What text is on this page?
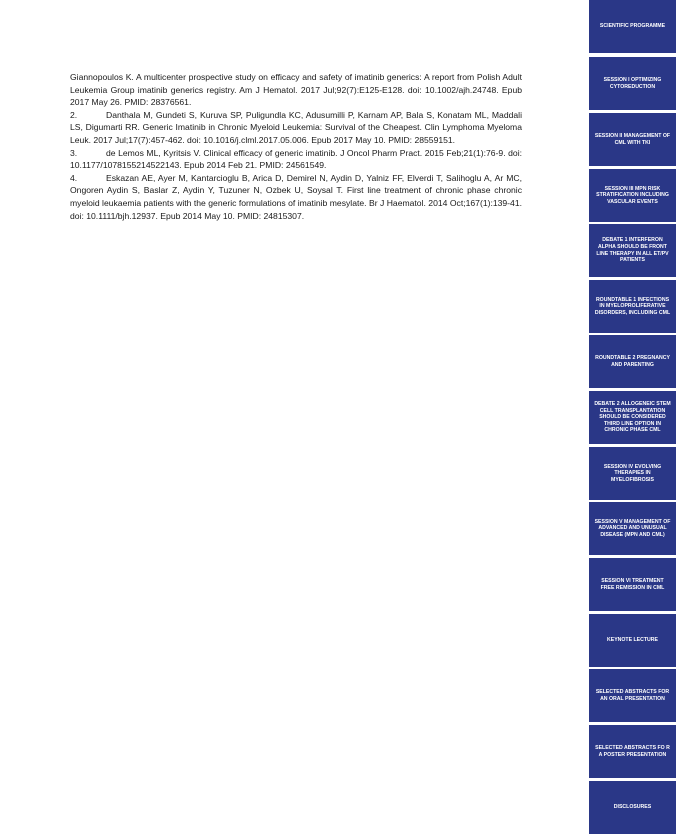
Giannopoulos K. A multicenter prospective study on efficacy and safety of imatinib generics: A report from Polish Adult Leukemia Group imatinib generics registry. Am J Hematol. 2017 Jul;92(7):E125-E128. doi: 10.1002/ajh.24748. Epub 2017 May 26. PMID: 28376561.

2.	Danthala M, Gundeti S, Kuruva SP, Puligundla KC, Adusumilli P, Karnam AP, Bala S, Konatam ML, Maddali LS, Digumarti RR. Generic Imatinib in Chronic Myeloid Leukemia: Survival of the Cheapest. Clin Lymphoma Myeloma Leuk. 2017 Jul;17(7):457-462. doi: 10.1016/j.clml.2017.05.006. Epub 2017 May 10. PMID: 28559151.

3.	de Lemos ML, Kyritsis V. Clinical efficacy of generic imatinib. J Oncol Pharm Pract. 2015 Feb;21(1):76-9. doi: 10.1177/1078155214522143. Epub 2014 Feb 21. PMID: 24561549.

4.	Eskazan AE, Ayer M, Kantarcioglu B, Arica D, Demirel N, Aydin D, Yalniz FF, Elverdi T, Salihoglu A, Ar MC, Ongoren Aydin S, Baslar Z, Aydin Y, Tuzuner N, Ozbek U, Soysal T. First line treatment of chronic phase chronic myeloid leukaemia patients with the generic formulations of imatinib mesylate. Br J Haematol. 2014 Oct;167(1):139-41. doi: 10.1111/bjh.12937. Epub 2014 May 10. PMID: 24815307.

SCIENTIFIC PROGRAMME
SESSION I OPTIMIZING CYTOREDUCTION
SESSION II MANAGEMENT OF CML WITH TKI
SESSION III MPN RISK STRATIFICATION INCLUDING VASCULAR EVENTS
DEBATE 1 INTERFERON ALPHA SHOULD BE FRONT LINE THERAPY IN ALL ET/PV PATIENTS
ROUNDTABLE 1 INFECTIONS IN MYELOPROLIFERATIVE DISORDERS, INCLUDING CML
ROUNDTABLE 2 PREGNANCY AND PARENTING
DEBATE 2 ALLOGENEIC STEM CELL TRANSPLANTATION SHOULD BE CONSIDERED THIRD LINE OPTION IN CHRONIC PHASE CML
SESSION IV EVOLVING THERAPIES IN MYELOFIBROSIS
SESSION V MANAGEMENT OF ADVANCED AND UNUSUAL DISEASE (MPN AND CML)
SESSION VI TREATMENT FREE REMISSION IN CML
KEYNOTE LECTURE
SELECTED ABSTRACTS FOR AN ORAL PRESENTATION
SELECTED ABSTRACTS FO R A POSTER PRESENTATION
DISCLOSURES
